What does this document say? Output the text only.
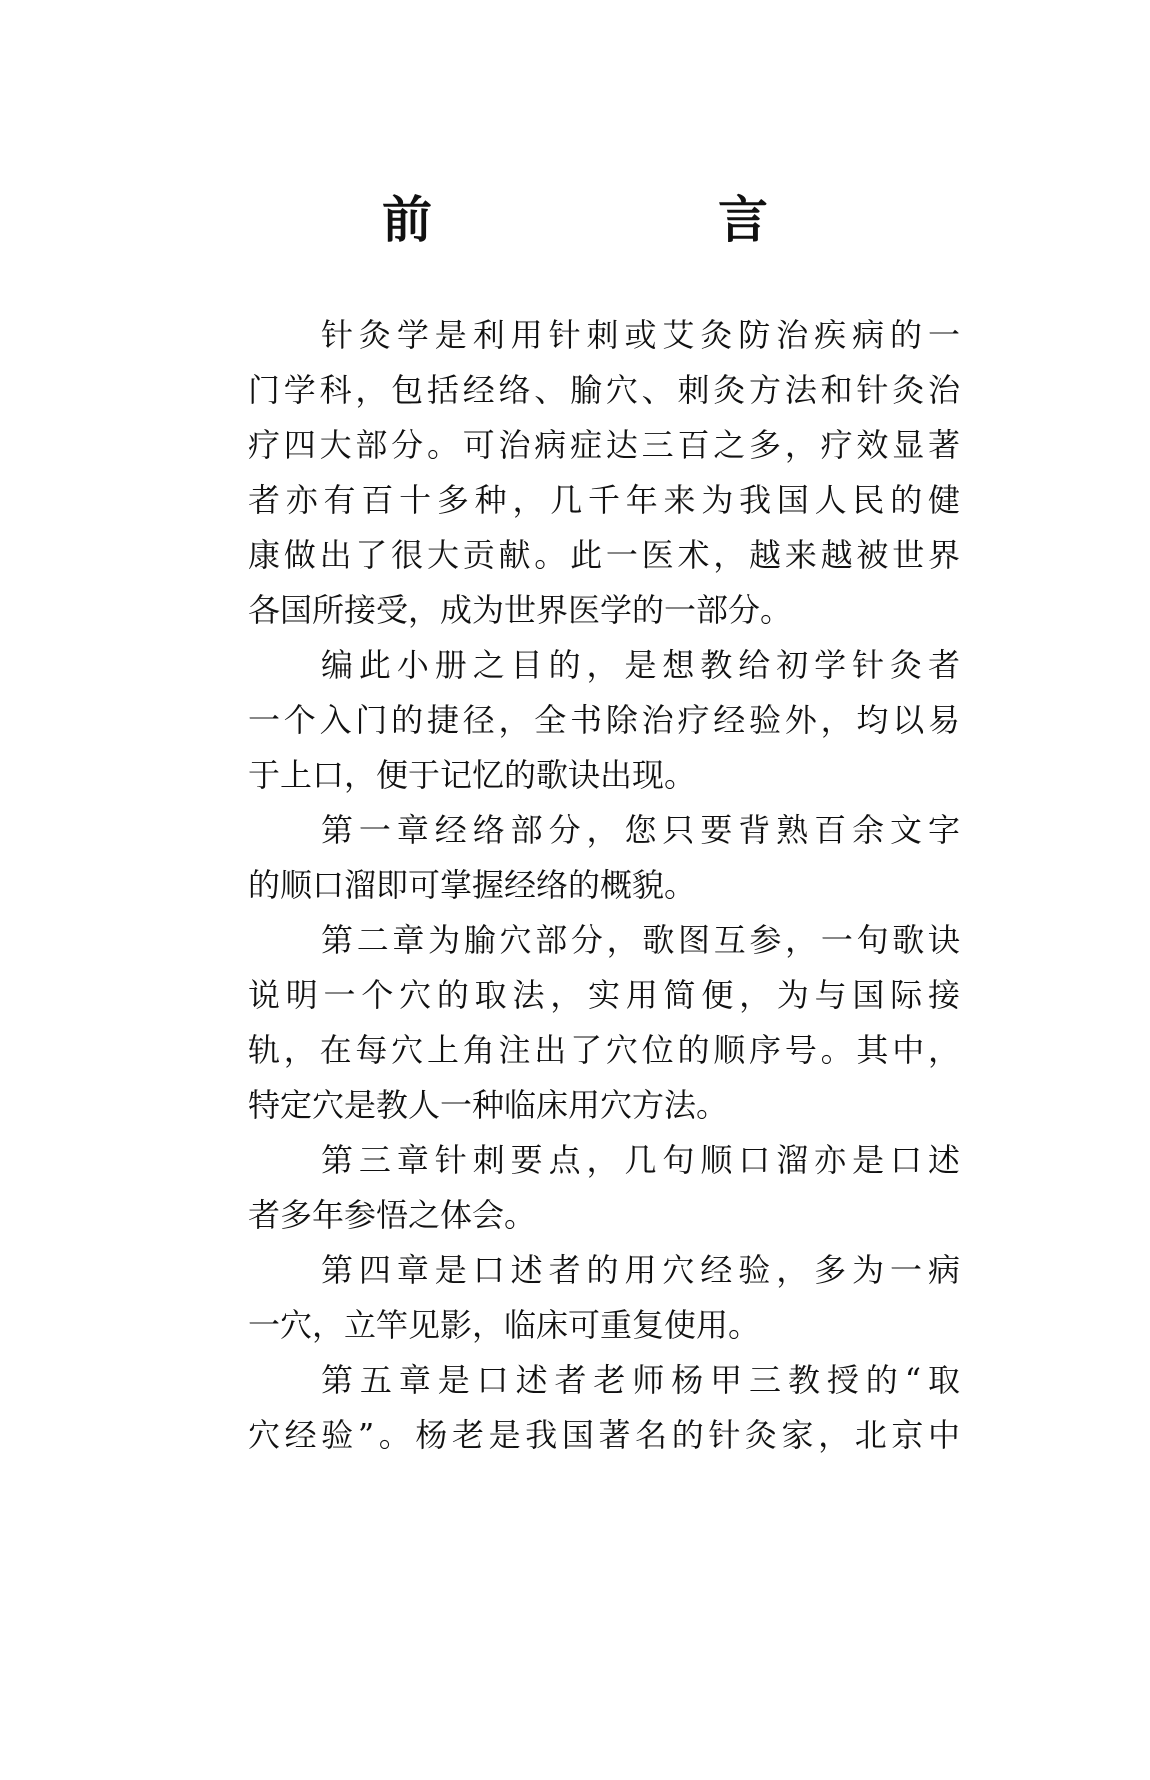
前　言
针灸学是利用针刺或艾灸防治疾病的一
门学科，包括经络、腧穴、刺灸方法和针灸治
疗四大部分。可治病症达三百之多，疗效显著
者亦有百十多种，几千年来为我国人民的健
康做出了很大贡献。此一医术，越来越被世界
各国所接受，成为世界医学的一部分。
编此小册之目的，是想教给初学针灸者
一个入门的捷径，全书除治疗经验外，均以易
于上口，便于记忆的歌诀出现。
第一章经络部分，您只要背熟百余文字
的顺口溜即可掌握经络的概貌。
第二章为腧穴部分，歌图互参，一句歌诀
说明一个穴的取法，实用简便，为与国际接
轨，在每穴上角注出了穴位的顺序号。其中，
特定穴是教人一种临床用穴方法。
第三章针刺要点，几句顺口溜亦是口述
者多年参悟之体会。
第四章是口述者的用穴经验，多为一病
一穴，立竿见影，临床可重复使用。
第五章是口述者老师杨甲三教授的“取
穴经验”。杨老是我国著名的针灸家，北京中
